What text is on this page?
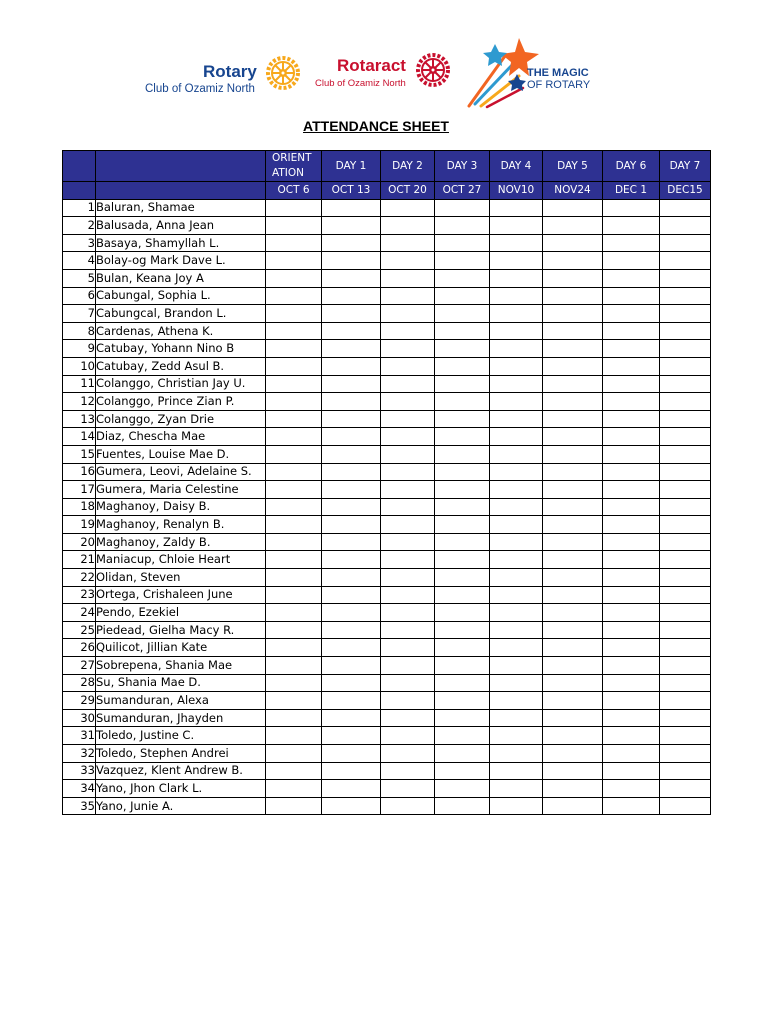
Rotary
Club of Ozamiz North
Rotaract
Club of Ozamiz North
THE MAGIC
OF ROTARY
ATTENDANCE SHEET
		ORIENT ATION	DAY 1	DAY 2	DAY 3	DAY 4	DAY 5	DAY 6	DAY 7
		OCT 6	OCT 13	OCT 20	OCT 27	NOV10	NOV24	DEC 1	DEC15
1	Baluran, Shamae								
2	Balusada, Anna Jean								
3	Basaya, Shamyllah L.								
4	Bolay-og Mark Dave L.								
5	Bulan, Keana Joy A								
6	Cabungal, Sophia L.								
7	Cabungcal, Brandon L.								
8	Cardenas, Athena K.								
9	Catubay, Yohann Nino B								
10	Catubay, Zedd Asul B.								
11	Colanggo, Christian Jay U.								
12	Colanggo, Prince Zian P.								
13	Colanggo, Zyan Drie								
14	Diaz, Chescha Mae								
15	Fuentes, Louise Mae D.								
16	Gumera, Leovi, Adelaine S.								
17	Gumera, Maria Celestine								
18	Maghanoy, Daisy B.								
19	Maghanoy, Renalyn B.								
20	Maghanoy, Zaldy B.								
21	Maniacup, Chloie Heart								
22	Olidan, Steven								
23	Ortega, Crishaleen June								
24	Pendo, Ezekiel								
25	Piedead, Gielha Macy R.								
26	Quilicot, Jillian Kate								
27	Sobrepena, Shania Mae								
28	Su, Shania Mae D.								
29	Sumanduran, Alexa								
30	Sumanduran, Jhayden								
31	Toledo, Justine C.								
32	Toledo, Stephen Andrei								
33	Vazquez, Klent Andrew B.								
34	Yano, Jhon Clark L.								
35	Yano, Junie A.								
